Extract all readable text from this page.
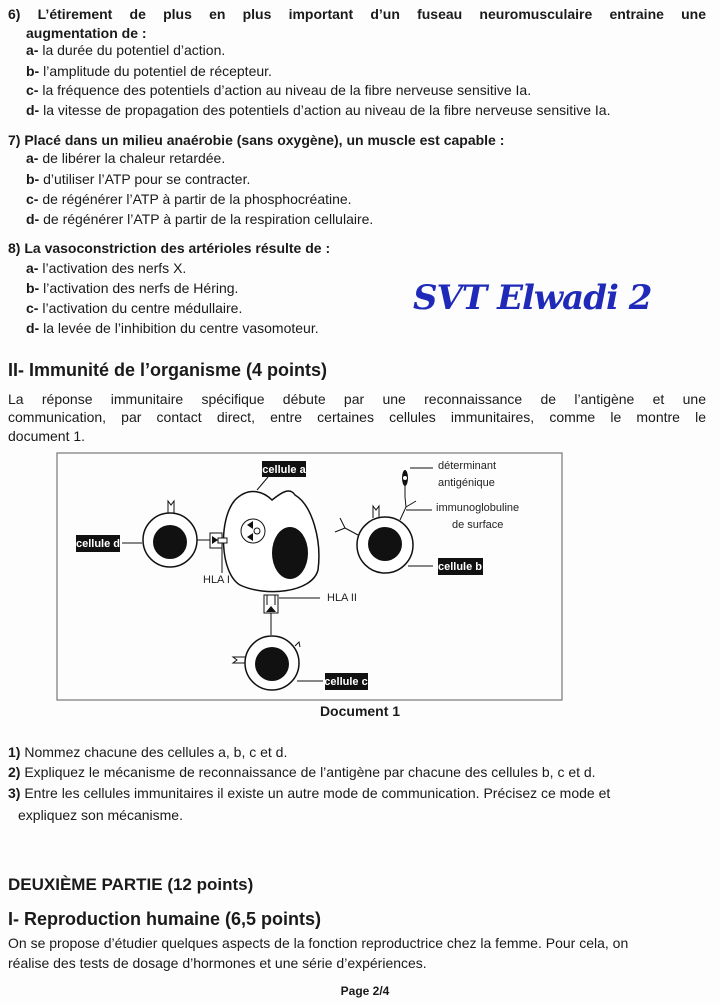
6) L’étirement de plus en plus important d’un fuseau neuromusculaire entraine une
augmentation de :
a- la durée du potentiel d’action.
b- l’amplitude du potentiel de récepteur.
c- la fréquence des potentiels d’action au niveau de la fibre nerveuse sensitive Ia.
d- la vitesse de propagation des potentiels d’action au niveau de la fibre nerveuse sensitive Ia.
7) Placé dans un milieu anaérobie (sans oxygène), un muscle est capable :
a- de libérer la chaleur retardée.
b- d’utiliser l’ATP pour se contracter.
c- de régénérer l’ATP à partir de la phosphocréatine.
d- de régénérer l’ATP à partir de la respiration cellulaire.
8) La vasoconstriction des artérioles résulte de :
a- l’activation des nerfs X.
b- l’activation des nerfs de Héring.
c- l’activation du centre médullaire.
d- la levée de l’inhibition du centre vasomoteur.
SVT Elwadi 2
II- Immunité de l’organisme (4 points)
La réponse immunitaire spécifique débute par une reconnaissance de l’antigène et une
communication, par contact direct, entre certaines cellules immunitaires, comme le montre le
document 1.
cellule a
HLA I
cellule d
HLA II
cellule c
déterminant
antigénique
immunoglobuline
de surface
cellule b
Document 1
1) Nommez chacune des cellules a, b, c et d.
2) Expliquez le mécanisme de reconnaissance de l’antigène par chacune des cellules b, c et d.
3) Entre les cellules immunitaires il existe un autre mode de communication. Précisez ce mode et
expliquez son mécanisme.
DEUXIÈME PARTIE (12 points)
I- Reproduction humaine (6,5 points)
On se propose d’étudier quelques aspects de la fonction reproductrice chez la femme. Pour cela, on
réalise des tests de dosage d’hormones et une série d’expériences.
Page 2/4
